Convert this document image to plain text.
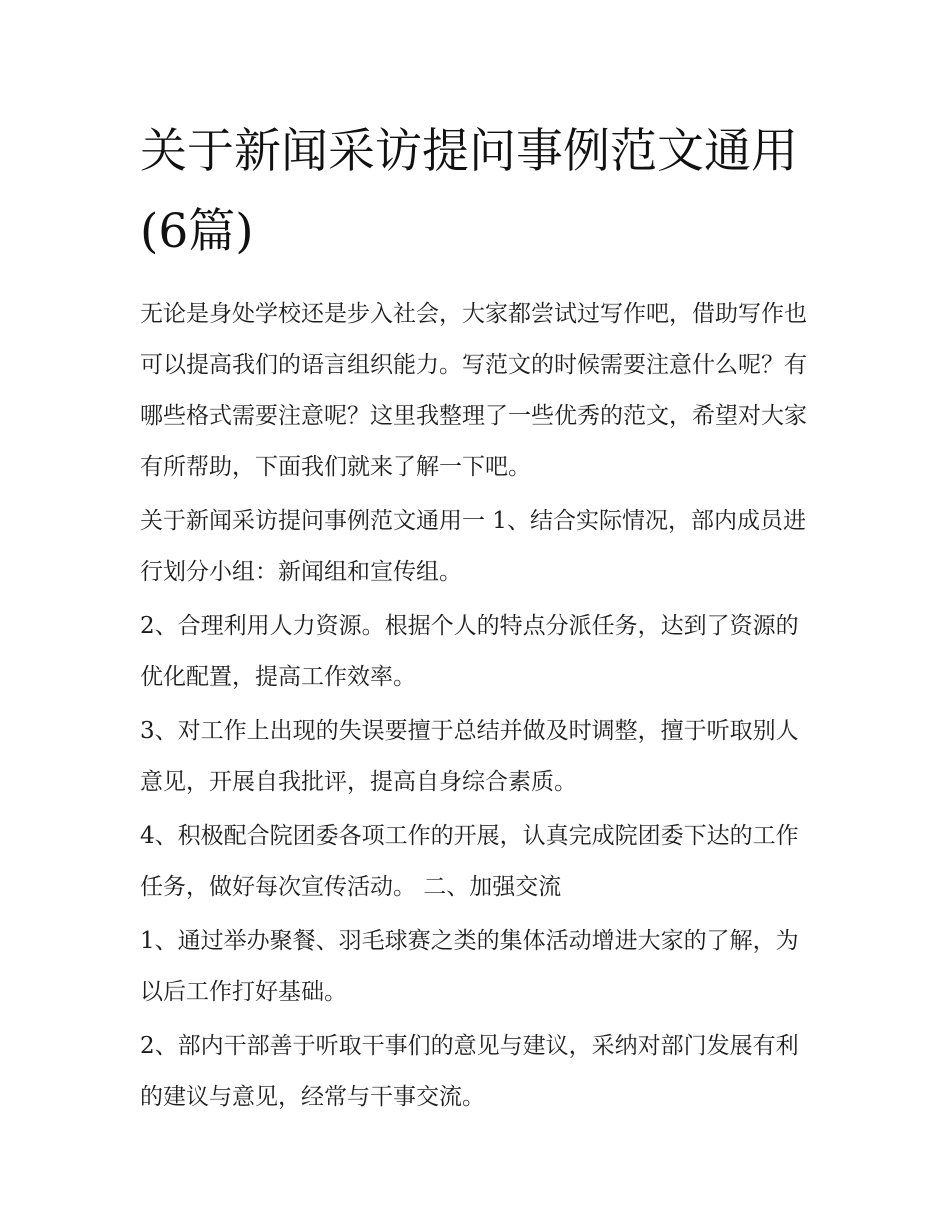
关于新闻采访提问事例范文通用(6篇)

无论是身处学校还是步入社会，大家都尝试过写作吧，借助写作也可以提高我们的语言组织能力。写范文的时候需要注意什么呢？有哪些格式需要注意呢？这里我整理了一些优秀的范文，希望对大家有所帮助，下面我们就来了解一下吧。

关于新闻采访提问事例范文通用一 1、结合实际情况，部内成员进行划分小组：新闻组和宣传组。

2、合理利用人力资源。根据个人的特点分派任务，达到了资源的优化配置，提高工作效率。

3、对工作上出现的失误要擅于总结并做及时调整，擅于听取别人意见，开展自我批评，提高自身综合素质。

4、积极配合院团委各项工作的开展，认真完成院团委下达的工作任务，做好每次宣传活动。 二、加强交流

1、通过举办聚餐、羽毛球赛之类的集体活动增进大家的了解，为以后工作打好基础。

2、部内干部善于听取干事们的意见与建议，采纳对部门发展有利的建议与意见，经常与干事交流。
